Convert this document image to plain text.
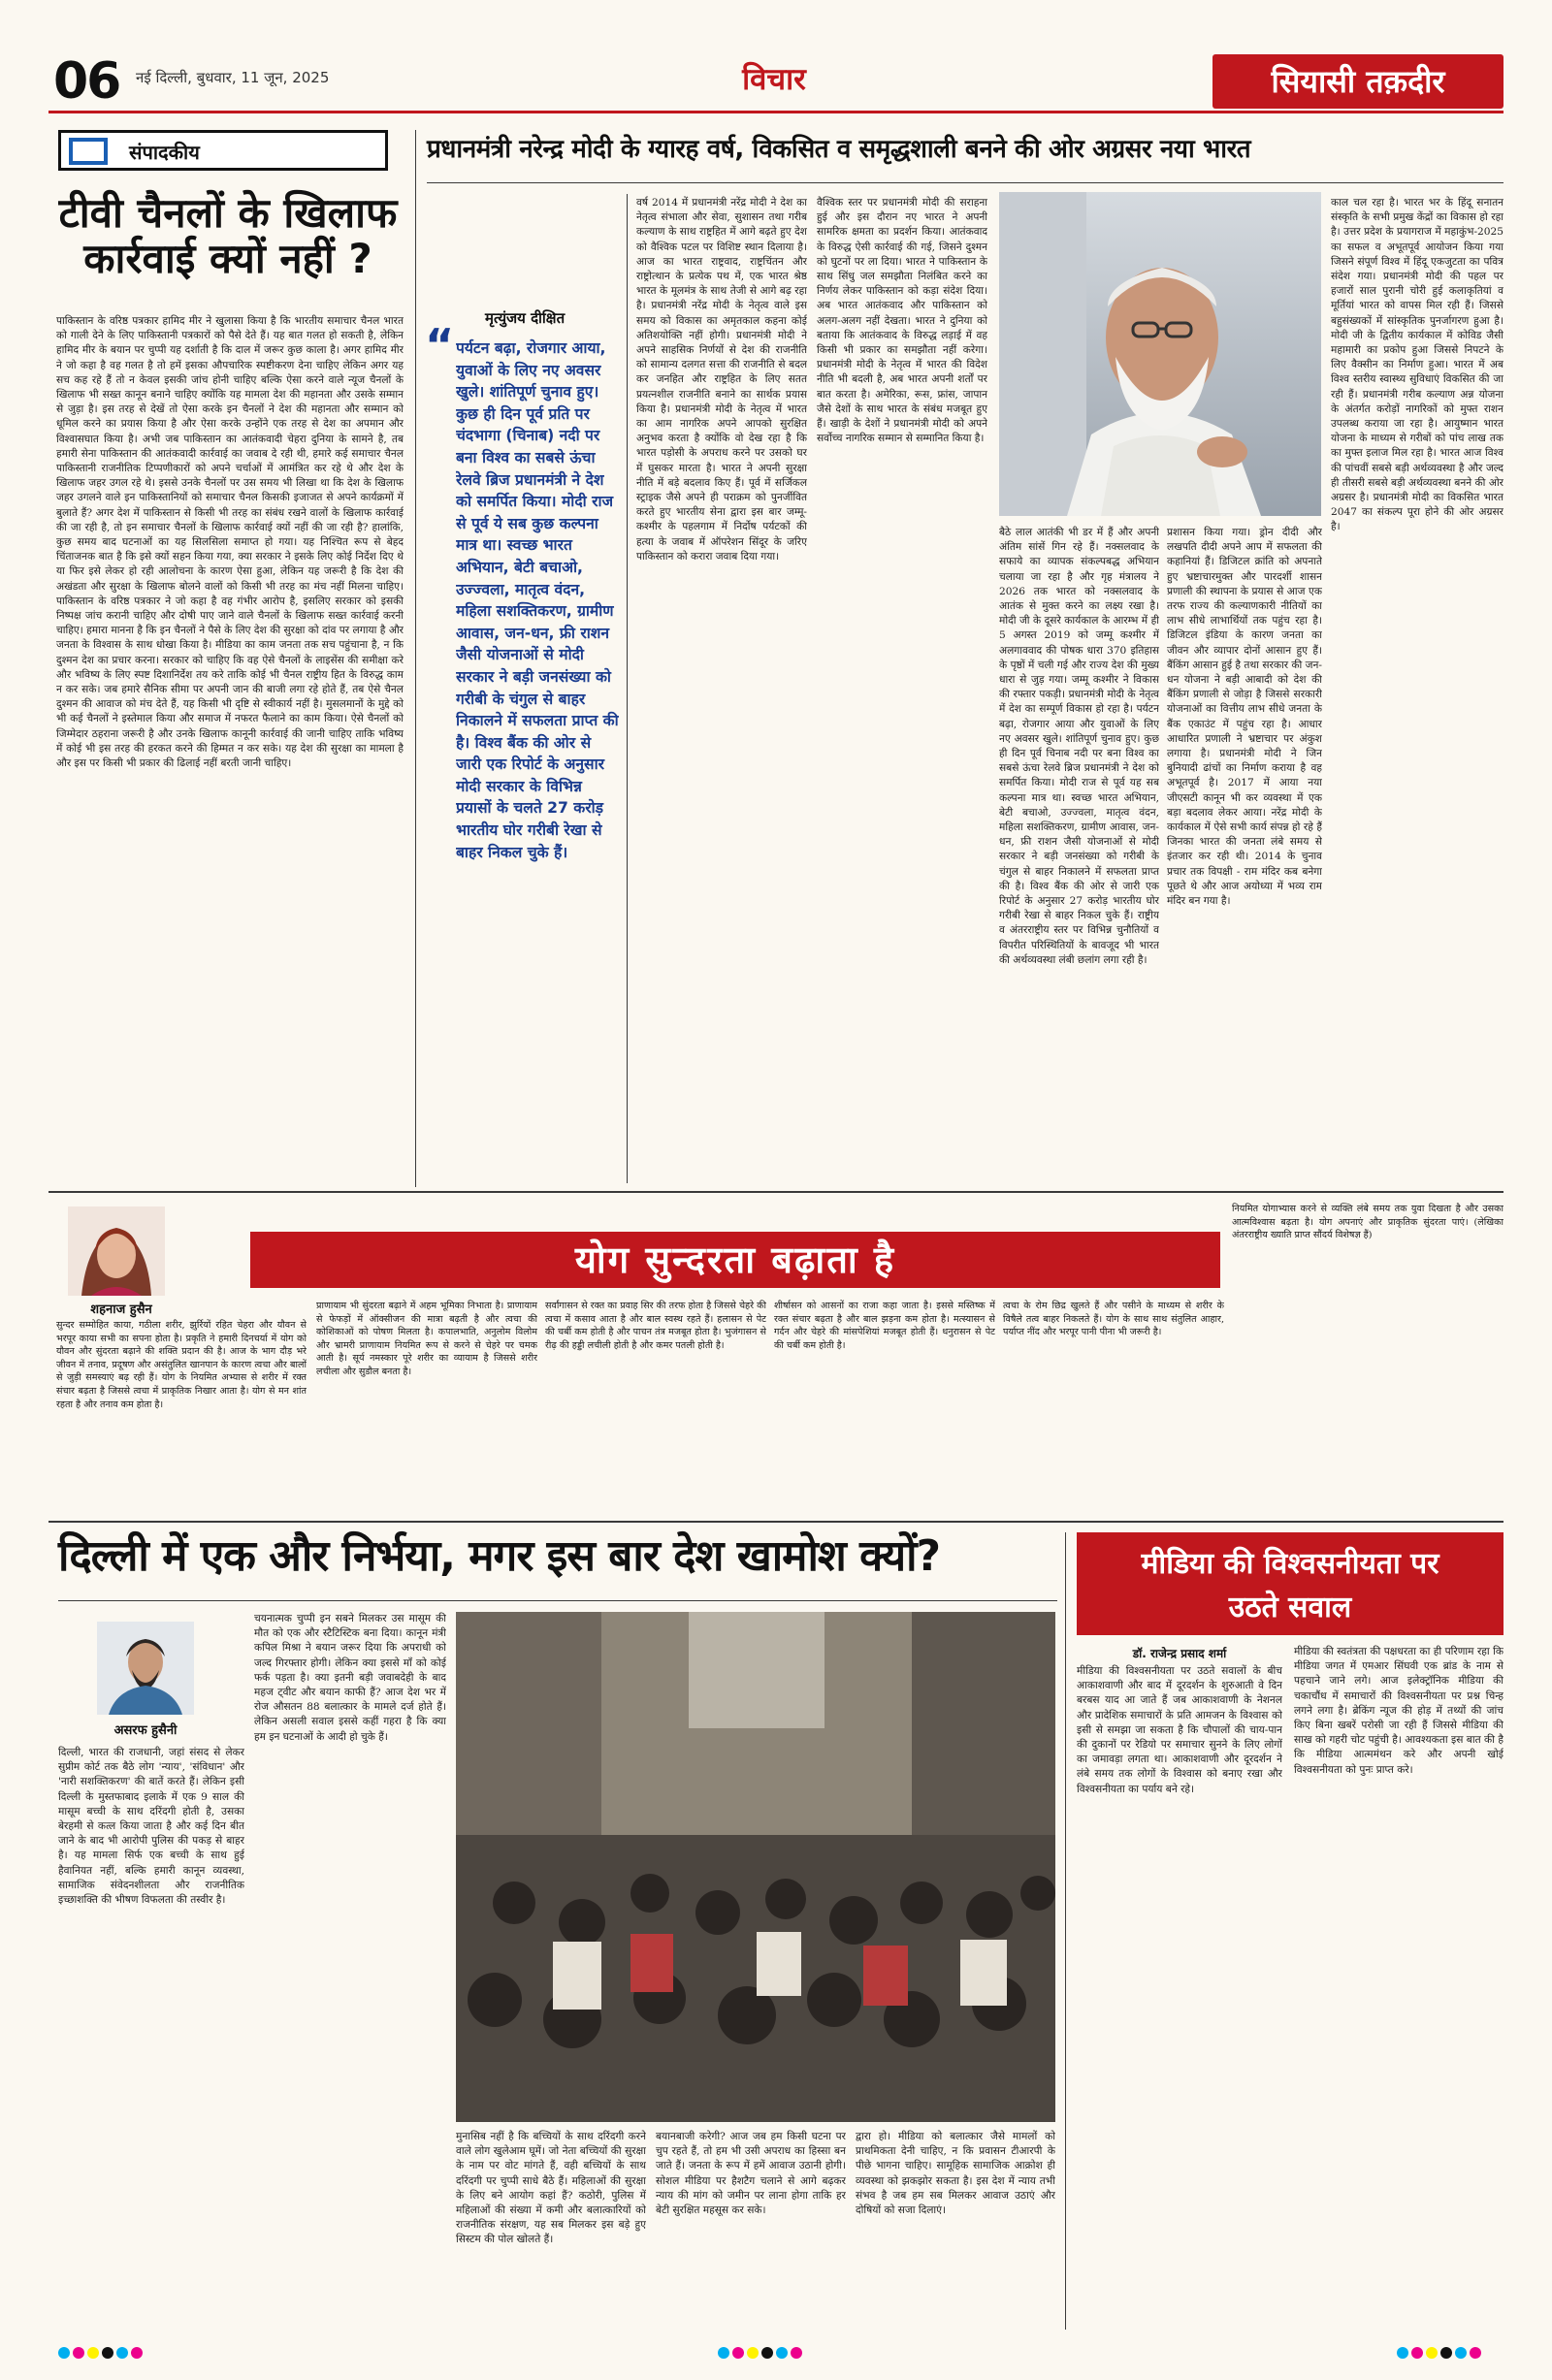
06	नई दिल्ली, बुधवार, 11 जून, 2025	विचार	सियासी तक़दीर
संपादकीय
टीवी चैनलों के खिलाफ
कार्रवाई क्यों नहीं ?
पाकिस्तान के वरिष्ठ पत्रकार हामिद मीर ने खुलासा किया है कि भारतीय समाचार चैनल भारत को गाली देने के लिए पाकिस्तानी पत्रकारों को पैसे देते हैं। यह बात गलत हो सकती है, लेकिन हामिद मीर के बयान पर चुप्पी यह दर्शाती है कि दाल में जरूर कुछ काला है। अगर हामिद मीर ने जो कहा है वह गलत है तो हमें इसका औपचारिक स्पष्टीकरण देना चाहिए लेकिन अगर यह सच कह रहे हैं तो न केवल इसकी जांच होनी चाहिए बल्कि ऐसा करने वाले न्यूज चैनलों के खिलाफ भी सख्त कानून बनाने चाहिए क्योंकि यह मामला देश की महानता और उसके सम्मान से जुड़ा है। इस तरह से देखें तो ऐसा करके इन चैनलों ने देश की महानता और सम्मान को धूमिल करने का प्रयास किया है और ऐसा करके उन्होंने एक तरह से देश का अपमान और विश्वासघात किया है। अभी जब पाकिस्तान का आतंकवादी चेहरा दुनिया के सामने है, तब हमारी सेना पाकिस्तान की आतंकवादी कार्रवाई का जवाब दे रही थी, हमारे कई समाचार चैनल पाकिस्तानी राजनीतिक टिप्पणीकारों को अपने चर्चाओं में आमंत्रित कर रहे थे और देश के खिलाफ जहर उगल रहे थे। इससे उनके चैनलों पर उस समय भी लिखा था कि देश के खिलाफ जहर उगलने वाले इन पाकिस्तानियों को समाचार चैनल किसकी इजाजत से अपने कार्यक्रमों में बुलाते हैं? अगर देश में पाकिस्तान से किसी भी तरह का संबंध रखने वालों के खिलाफ कार्रवाई की जा रही है, तो इन समाचार चैनलों के खिलाफ कार्रवाई क्यों नहीं की जा रही है? हालांकि, कुछ समय बाद घटनाओं का यह सिलसिला समाप्त हो गया। यह निश्चित रूप से बेहद चिंताजनक बात है कि इसे क्यों सहन किया गया, क्या सरकार ने इसके लिए कोई निर्देश दिए थे या फिर इसे लेकर हो रही आलोचना के कारण ऐसा हुआ, लेकिन यह जरूरी है कि देश की अखंडता और सुरक्षा के खिलाफ बोलने वालों को किसी भी तरह का मंच नहीं मिलना चाहिए। पाकिस्तान के वरिष्ठ पत्रकार ने जो कहा है वह गंभीर आरोप है, इसलिए सरकार को इसकी निष्पक्ष जांच करानी चाहिए और दोषी पाए जाने वाले चैनलों के खिलाफ सख्त कार्रवाई करनी चाहिए। हमारा मानना है कि इन चैनलों ने पैसे के लिए देश की सुरक्षा को दांव पर लगाया है और जनता के विश्वास के साथ धोखा किया है। मीडिया का काम जनता तक सच पहुंचाना है, न कि दुश्मन देश का प्रचार करना। सरकार को चाहिए कि वह ऐसे चैनलों के लाइसेंस की समीक्षा करे और भविष्य के लिए स्पष्ट दिशानिर्देश तय करे ताकि कोई भी चैनल राष्ट्रीय हित के विरुद्ध काम न कर सके। जब हमारे सैनिक सीमा पर अपनी जान की बाजी लगा रहे होते हैं, तब ऐसे चैनल दुश्मन की आवाज को मंच देते हैं, यह किसी भी दृष्टि से स्वीकार्य नहीं है। मुसलमानों के मुद्दे को भी कई चैनलों ने इस्तेमाल किया और समाज में नफरत फैलाने का काम किया। ऐसे चैनलों को जिम्मेदार ठहराना जरूरी है और उनके खिलाफ कानूनी कार्रवाई की जानी चाहिए ताकि भविष्य में कोई भी इस तरह की हरकत करने की हिम्मत न कर सके। यह देश की सुरक्षा का मामला है और इस पर किसी भी प्रकार की ढिलाई नहीं बरती जानी चाहिए।
प्रधानमंत्री नरेन्द्र मोदी के ग्यारह वर्ष, विकसित व समृद्धशाली बनने की ओर अग्रसर नया भारत
मृत्युंजय दीक्षित
“ पर्यटन बढ़ा, रोजगार आया, युवाओं के लिए नए अवसर खुले। शांतिपूर्ण चुनाव हुए। कुछ ही दिन पूर्व प्रति पर चंदभागा (चिनाब) नदी पर बना विश्व का सबसे ऊंचा रेलवे ब्रिज प्रधानमंत्री ने देश को समर्पित किया। मोदी राज से पूर्व ये सब कुछ कल्पना मात्र था। स्वच्छ भारत अभियान, बेटी बचाओ, उज्ज्वला, मातृत्व वंदन, महिला सशक्तिकरण, ग्रामीण आवास, जन-धन, फ्री राशन जैसी योजनाओं से मोदी सरकार ने बड़ी जनसंख्या को गरीबी के चंगुल से बाहर निकालने में सफलता प्राप्त की है। विश्व बैंक की ओर से जारी एक रिपोर्ट के अनुसार मोदी सरकार के विभिन्न प्रयासों के चलते 27 करोड़ भारतीय घोर गरीबी रेखा से बाहर निकल चुके हैं।
वर्ष 2014 में प्रधानमंत्री नरेंद्र मोदी ने देश का नेतृत्व संभाला और सेवा, सुशासन तथा गरीब कल्याण के साथ राष्ट्रहित में आगे बढ़ते हुए देश को वैश्विक पटल पर विशिष्ट स्थान दिलाया है। आज का भारत राष्ट्रवाद, राष्ट्रचिंतन और राष्ट्रोत्थान के प्रत्येक पथ में, एक भारत श्रेष्ठ भारत के मूलमंत्र के साथ तेजी से आगे बढ़ रहा है। प्रधानमंत्री नरेंद्र मोदी के नेतृत्व वाले इस समय को विकास का अमृतकाल कहना कोई अतिशयोक्ति नहीं होगी। प्रधानमंत्री मोदी ने अपने साहसिक निर्णयों से देश की राजनीति को सामान्य दलगत सत्ता की राजनीति से बदल कर जनहित और राष्ट्रहित के लिए सतत प्रयत्नशील राजनीति बनाने का सार्थक प्रयास किया है। प्रधानमंत्री मोदी के नेतृत्व में भारत का आम नागरिक अपने आपको सुरक्षित अनुभव करता है क्योंकि वो देख रहा है कि भारत पड़ोसी के अपराध करने पर उसको घर में घुसकर मारता है। भारत ने अपनी सुरक्षा नीति में बड़े बदलाव किए हैं। पूर्व में सर्जिकल स्ट्राइक जैसे अपने ही पराक्रम को पुनर्जीवित करते हुए भारतीय सेना द्वारा इस बार जम्मू-कश्मीर के पहलगाम में निर्दोष पर्यटकों की हत्या के जवाब में ऑपरेशन सिंदूर के जरिए पाकिस्तान को करारा जवाब दिया गया।
वैश्विक स्तर पर प्रधानमंत्री मोदी की सराहना हुई और इस दौरान नए भारत ने अपनी सामरिक क्षमता का प्रदर्शन किया। आतंकवाद के विरुद्ध ऐसी कार्रवाई की गई, जिसने दुश्मन को घुटनों पर ला दिया। भारत ने पाकिस्तान के साथ सिंधु जल समझौता निलंबित करने का निर्णय लेकर पाकिस्तान को कड़ा संदेश दिया। अब भारत आतंकवाद और पाकिस्तान को अलग-अलग नहीं देखता। भारत ने दुनिया को बताया कि आतंकवाद के विरुद्ध लड़ाई में वह किसी भी प्रकार का समझौता नहीं करेगा। प्रधानमंत्री मोदी के नेतृत्व में भारत की विदेश नीति भी बदली है, अब भारत अपनी शर्तों पर बात करता है। अमेरिका, रूस, फ्रांस, जापान जैसे देशों के साथ भारत के संबंध मजबूत हुए हैं। खाड़ी के देशों ने प्रधानमंत्री मोदी को अपने सर्वोच्च नागरिक सम्मान से सम्मानित किया है।
बैठे लाल आतंकी भी डर में हैं और अपनी अंतिम सांसें गिन रहे हैं। नक्सलवाद के सफाये का व्यापक संकल्पबद्ध अभियान चलाया जा रहा है और गृह मंत्रालय ने 2026 तक भारत को नक्सलवाद के आतंक से मुक्त करने का लक्ष्य रखा है। मोदी जी के दूसरे कार्यकाल के आरम्भ में ही 5 अगस्त 2019 को जम्मू कश्मीर में अलगाववाद की पोषक धारा 370 इतिहास के पृष्ठों में चली गई और राज्य देश की मुख्य धारा से जुड़ गया। जम्मू कश्मीर ने विकास की रफ्तार पकड़ी। प्रधानमंत्री मोदी के नेतृत्व में देश का सम्पूर्ण विकास हो रहा है। पर्यटन बढ़ा, रोजगार आया और युवाओं के लिए नए अवसर खुले। शांतिपूर्ण चुनाव हुए। कुछ ही दिन पूर्व चिनाब नदी पर बना विश्व का सबसे ऊंचा रेलवे ब्रिज प्रधानमंत्री ने देश को समर्पित किया। मोदी राज से पूर्व यह सब कल्पना मात्र था। स्वच्छ भारत अभियान, बेटी बचाओ, उज्ज्वला, मातृत्व वंदन, महिला सशक्तिकरण, ग्रामीण आवास, जन-धन, फ्री राशन जैसी योजनाओं से मोदी सरकार ने बड़ी जनसंख्या को गरीबी के चंगुल से बाहर निकालने में सफलता प्राप्त की है। विश्व बैंक की ओर से जारी एक रिपोर्ट के अनुसार 27 करोड़ भारतीय घोर गरीबी रेखा से बाहर निकल चुके हैं। राष्ट्रीय व अंतरराष्ट्रीय स्तर पर विभिन्न चुनौतियों व विपरीत परिस्थितियों के बावजूद भी भारत की अर्थव्यवस्था लंबी छलांग लगा रही है।
प्रशासन किया गया। ड्रोन दीदी और लखपति दीदी अपने आप में सफलता की कहानियां हैं। डिजिटल क्रांति को अपनाते हुए भ्रष्टाचारमुक्त और पारदर्शी शासन प्रणाली की स्थापना के प्रयास से आज एक तरफ राज्य की कल्याणकारी नीतियों का लाभ सीधे लाभार्थियों तक पहुंच रहा है। डिजिटल इंडिया के कारण जनता का जीवन और व्यापार दोनों आसान हुए हैं। बैंकिंग आसान हुई है तथा सरकार की जन-धन योजना ने बड़ी आबादी को देश की बैंकिंग प्रणाली से जोड़ा है जिससे सरकारी योजनाओं का वित्तीय लाभ सीधे जनता के बैंक एकाउंट में पहुंच रहा है। आधार आधारित प्रणाली ने भ्रष्टाचार पर अंकुश लगाया है। प्रधानमंत्री मोदी ने जिन बुनियादी ढांचों का निर्माण कराया है वह अभूतपूर्व है। 2017 में आया नया जीएसटी कानून भी कर व्यवस्था में एक बड़ा बदलाव लेकर आया। नरेंद्र मोदी के कार्यकाल में ऐसे सभी कार्य संपन्न हो रहे हैं जिनका भारत की जनता लंबे समय से इंतजार कर रही थी। 2014 के चुनाव प्रचार तक विपक्षी - राम मंदिर कब बनेगा पूछते थे और आज अयोध्या में भव्य राम मंदिर बन गया है।
काल चल रहा है। भारत भर के हिंदू सनातन संस्कृति के सभी प्रमुख केंद्रों का विकास हो रहा है। उत्तर प्रदेश के प्रयागराज में महाकुंभ-2025 का सफल व अभूतपूर्व आयोजन किया गया जिसने संपूर्ण विश्व में हिंदू एकजुटता का पवित्र संदेश गया। प्रधानमंत्री मोदी की पहल पर हजारों साल पुरानी चोरी हुई कलाकृतियां व मूर्तियां भारत को वापस मिल रही हैं। जिससे बहुसंख्यकों में सांस्कृतिक पुनर्जागरण हुआ है। मोदी जी के द्वितीय कार्यकाल में कोविड जैसी महामारी का प्रकोप हुआ जिससे निपटने के लिए वैक्सीन का निर्माण हुआ। भारत में अब विश्व स्तरीय स्वास्थ्य सुविधाएं विकसित की जा रही हैं। प्रधानमंत्री गरीब कल्याण अन्न योजना के अंतर्गत करोड़ों नागरिकों को मुफ्त राशन उपलब्ध कराया जा रहा है। आयुष्मान भारत योजना के माध्यम से गरीबों को पांच लाख तक का मुफ्त इलाज मिल रहा है। भारत आज विश्व की पांचवीं सबसे बड़ी अर्थव्यवस्था है और जल्द ही तीसरी सबसे बड़ी अर्थव्यवस्था बनने की ओर अग्रसर है। प्रधानमंत्री मोदी का विकसित भारत 2047 का संकल्प पूरा होने की ओर अग्रसर है।
शहनाज हुसैन
योग सुन्दरता बढ़ाता है
सुन्दर सम्मोहित काया, गठीला शरीर, झुर्रियों रहित चेहरा और यौवन से भरपूर काया सभी का सपना होता है। प्रकृति ने हमारी दिनचर्या में योग को यौवन और सुंदरता बढ़ाने की शक्ति प्रदान की है। आज के भाग दौड़ भरे जीवन में तनाव, प्रदूषण और असंतुलित खानपान के कारण त्वचा और बालों से जुड़ी समस्याएं बढ़ रही हैं। योग के नियमित अभ्यास से शरीर में रक्त संचार बढ़ता है जिससे त्वचा में प्राकृतिक निखार आता है। योग से मन शांत रहता है और तनाव कम होता है।
प्राणायाम भी सुंदरता बढ़ाने में अहम भूमिका निभाता है। प्राणायाम से फेफड़ों में ऑक्सीजन की मात्रा बढ़ती है और त्वचा की कोशिकाओं को पोषण मिलता है। कपालभाति, अनुलोम विलोम और भ्रामरी प्राणायाम नियमित रूप से करने से चेहरे पर चमक आती है। सूर्य नमस्कार पूरे शरीर का व्यायाम है जिससे शरीर लचीला और सुडौल बनता है।
सर्वांगासन से रक्त का प्रवाह सिर की तरफ होता है जिससे चेहरे की त्वचा में कसाव आता है और बाल स्वस्थ रहते हैं। हलासन से पेट की चर्बी कम होती है और पाचन तंत्र मजबूत होता है। भुजंगासन से रीढ़ की हड्डी लचीली होती है और कमर पतली होती है।
शीर्षासन को आसनों का राजा कहा जाता है। इससे मस्तिष्क में रक्त संचार बढ़ता है और बाल झड़ना कम होता है। मत्स्यासन से गर्दन और चेहरे की मांसपेशियां मजबूत होती हैं। धनुरासन से पेट की चर्बी कम होती है।
त्वचा के रोम छिद्र खुलते हैं और पसीने के माध्यम से शरीर के विषैले तत्व बाहर निकलते हैं। योग के साथ साथ संतुलित आहार, पर्याप्त नींद और भरपूर पानी पीना भी जरूरी है।
नियमित योगाभ्यास करने से व्यक्ति लंबे समय तक युवा दिखता है और उसका आत्मविश्वास बढ़ता है। योग अपनाएं और प्राकृतिक सुंदरता पाएं। (लेखिका अंतरराष्ट्रीय ख्याति प्राप्त सौंदर्य विशेषज्ञ हैं)
दिल्ली में एक और निर्भया, मगर इस बार देश खामोश क्यों?
असरफ हुसैनी
दिल्ली, भारत की राजधानी, जहां संसद से लेकर सुप्रीम कोर्ट तक बैठे लोग 'न्याय', 'संविधान' और 'नारी सशक्तिकरण' की बातें करते हैं। लेकिन इसी दिल्ली के मुस्तफाबाद इलाके में एक 9 साल की मासूम बच्ची के साथ दरिंदगी होती है, उसका बेरहमी से कत्ल किया जाता है और कई दिन बीत जाने के बाद भी आरोपी पुलिस की पकड़ से बाहर है। यह मामला सिर्फ एक बच्ची के साथ हुई हैवानियत नहीं, बल्कि हमारी कानून व्यवस्था, सामाजिक संवेदनशीलता और राजनीतिक इच्छाशक्ति की भीषण विफलता की तस्वीर है।
चयनात्मक चुप्पी इन सबने मिलकर उस मासूम की मौत को एक और स्टैटिस्टिक बना दिया। कानून मंत्री कपिल मिश्रा ने बयान जरूर दिया कि अपराधी को जल्द गिरफ्तार होगी। लेकिन क्या इससे माँ को कोई फर्क पड़ता है। क्या इतनी बड़ी जवाबदेही के बाद महज ट्वीट और बयान काफी हैं? आज देश भर में रोज औसतन 88 बलात्कार के मामले दर्ज होते हैं। लेकिन असली सवाल इससे कहीं गहरा है कि क्या हम इन घटनाओं के आदी हो चुके हैं।
मुनासिब नहीं है कि बच्चियों के साथ दरिंदगी करने वाले लोग खुलेआम घूमें। जो नेता बच्चियों की सुरक्षा के नाम पर वोट मांगते हैं, वही बच्चियों के साथ दरिंदगी पर चुप्पी साधे बैठे हैं। महिलाओं की सुरक्षा के लिए बने आयोग कहां हैं? कठोरी, पुलिस में महिलाओं की संख्या में कमी और बलात्कारियों को राजनीतिक संरक्षण, यह सब मिलकर इस बड़े हुए सिस्टम की पोल खोलते हैं।
बयानबाजी करेगी? आज जब हम किसी घटना पर चुप रहते हैं, तो हम भी उसी अपराध का हिस्सा बन जाते हैं। जनता के रूप में हमें आवाज उठानी होगी। सोशल मीडिया पर हैशटैग चलाने से आगे बढ़कर न्याय की मांग को जमीन पर लाना होगा ताकि हर बेटी सुरक्षित महसूस कर सके।
द्वारा हो। मीडिया को बलात्कार जैसे मामलों को प्राथमिकता देनी चाहिए, न कि प्रवासन टीआरपी के पीछे भागना चाहिए। सामूहिक सामाजिक आक्रोश ही व्यवस्था को झकझोर सकता है। इस देश में न्याय तभी संभव है जब हम सब मिलकर आवाज उठाएं और दोषियों को सजा दिलाएं।
मीडिया की विश्वसनीयता पर
उठते सवाल
डॉ. राजेन्द्र प्रसाद शर्मा
मीडिया की विश्वसनीयता पर उठते सवालों के बीच आकाशवाणी और बाद में दूरदर्शन के शुरुआती वे दिन बरबस याद आ जाते हैं जब आकाशवाणी के नेशनल और प्रादेशिक समाचारों के प्रति आमजन के विश्वास को इसी से समझा जा सकता है कि चौपालों की चाय-पान की दुकानों पर रेडियो पर समाचार सुनने के लिए लोगों का जमावड़ा लगता था। आकाशवाणी और दूरदर्शन ने लंबे समय तक लोगों के विश्वास को बनाए रखा और विश्वसनीयता का पर्याय बने रहे।
मीडिया की स्वतंत्रता की पक्षधरता का ही परिणाम रहा कि मीडिया जगत में एमआर सिंघवी एक ब्रांड के नाम से पहचाने जाने लगे। आज इलेक्ट्रॉनिक मीडिया की चकाचौंध में समाचारों की विश्वसनीयता पर प्रश्न चिन्ह लगने लगा है। ब्रेकिंग न्यूज की होड़ में तथ्यों की जांच किए बिना खबरें परोसी जा रही हैं जिससे मीडिया की साख को गहरी चोट पहुंची है। आवश्यकता इस बात की है कि मीडिया आत्ममंथन करे और अपनी खोई विश्वसनीयता को पुनः प्राप्त करे।
